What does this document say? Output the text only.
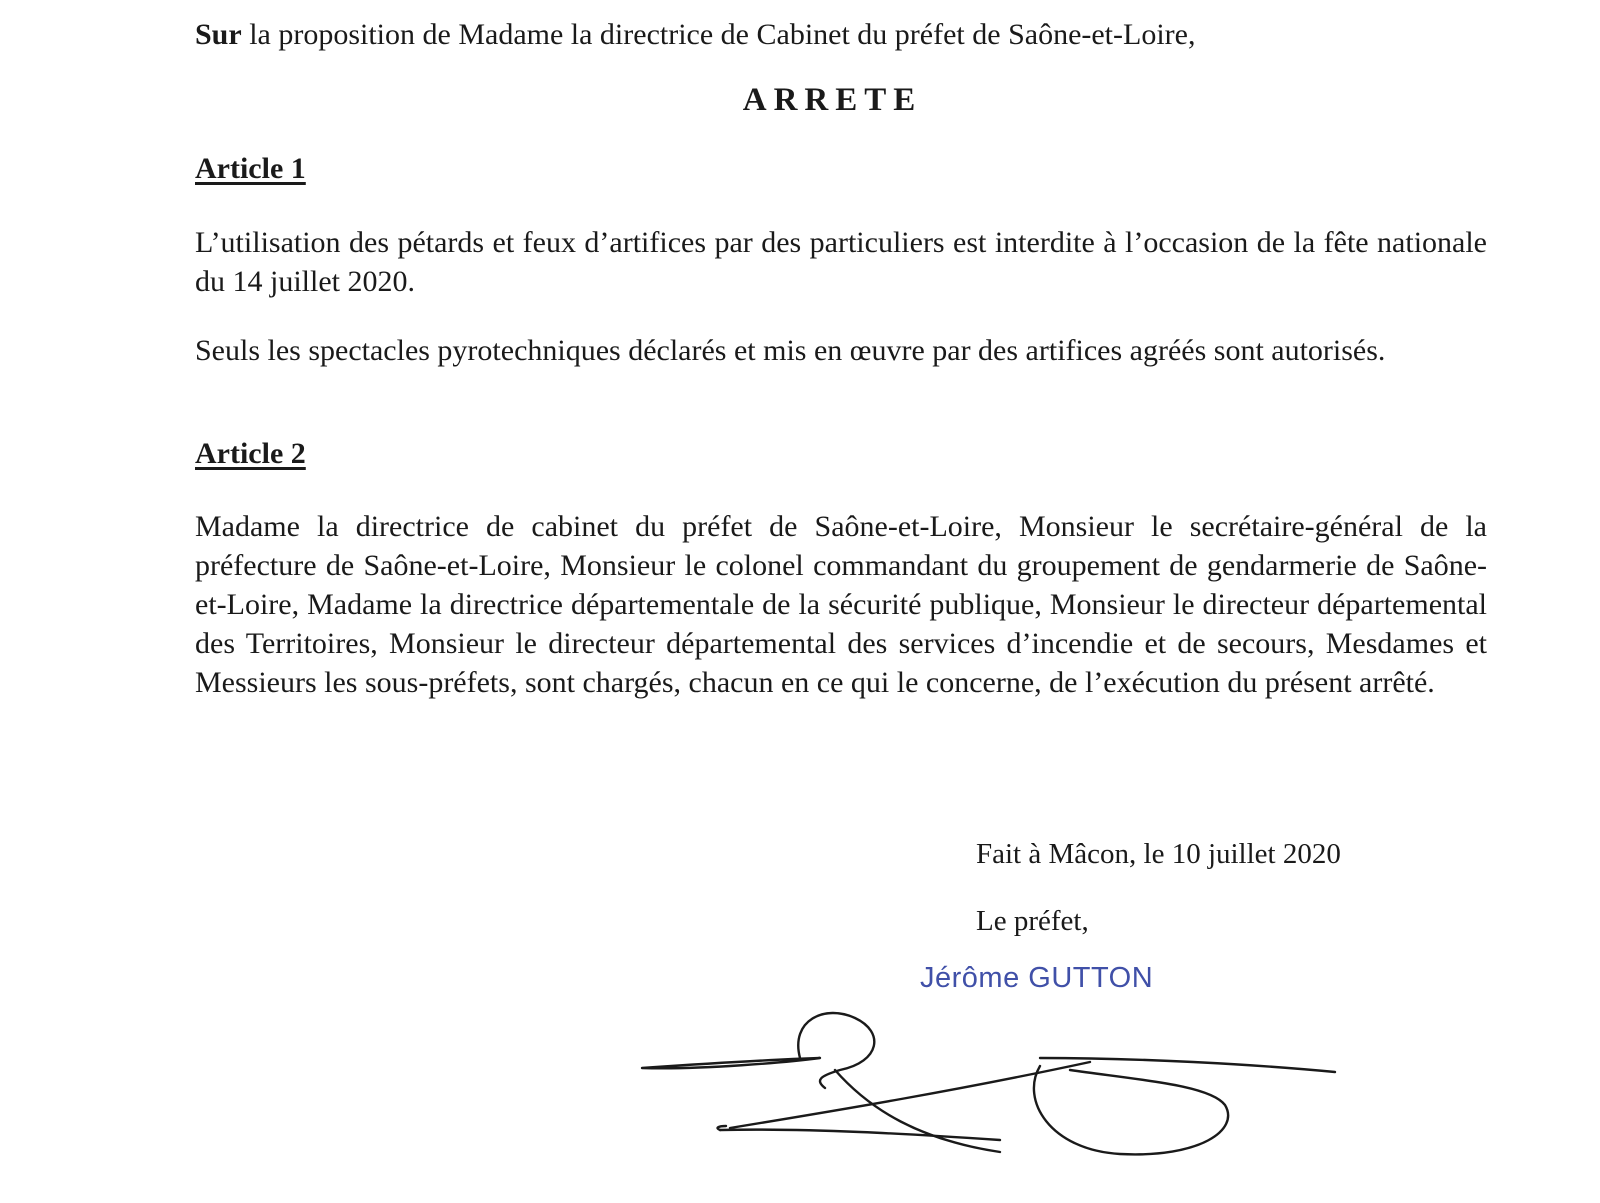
Sur la proposition de Madame la directrice de Cabinet du préfet de Saône-et-Loire,
ARRETE
Article 1
L’utilisation des pétards et feux d’artifices par des particuliers est interdite à l’occasion de la fête nationale du 14 juillet 2020.
Seuls les spectacles pyrotechniques déclarés et mis en œuvre par des artifices agréés sont autorisés.
Article 2
Madame la directrice de cabinet du préfet de Saône-et-Loire, Monsieur le secrétaire-général de la préfecture de Saône-et-Loire, Monsieur le colonel commandant du groupement de gendarmerie de Saône-et-Loire, Madame la directrice départementale de la sécurité publique, Monsieur le directeur départemental des Territoires, Monsieur le directeur départemental des services d’incendie et de secours, Mesdames et Messieurs les sous-préfets, sont chargés, chacun en ce qui le concerne, de l’exécution du présent arrêté.
Fait à Mâcon, le 10 juillet 2020
Le préfet,
Jérôme GUTTON
